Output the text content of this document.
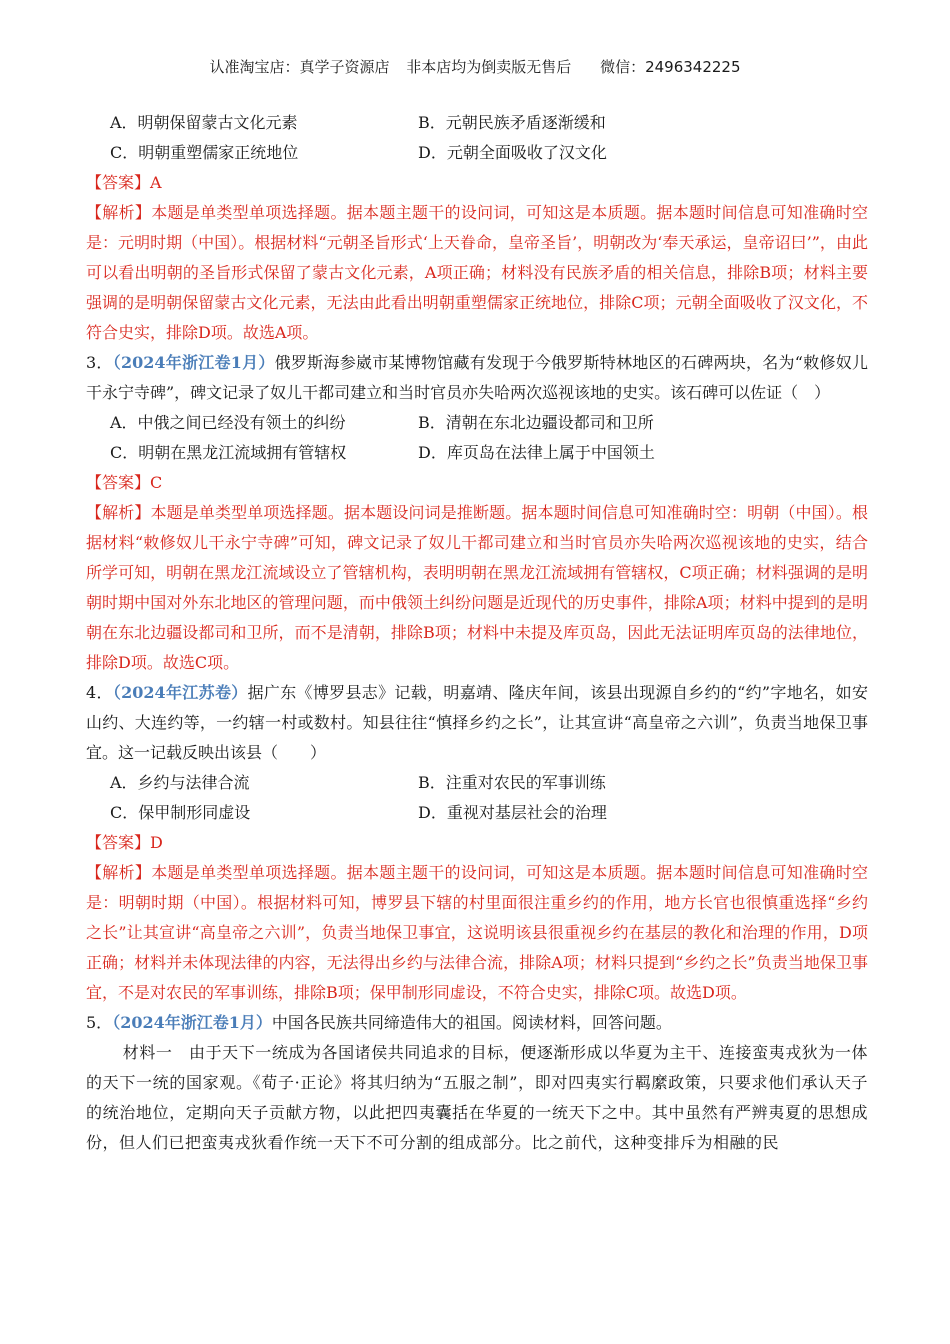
认准淘宝店：真学子资源店 非本店均为倒卖版无售后 微信：2496342225
A．明朝保留蒙古文化元素	B．元朝民族矛盾逐渐缓和
C．明朝重塑儒家正统地位	D．元朝全面吸收了汉文化
【答案】A
【解析】本题是单类型单项选择题。据本题主题干的设问词，可知这是本质题。据本题时间信息可知准确时空是：元明时期（中国）。根据材料“元朝圣旨形式‘上天眷命，皇帝圣旨’，明朝改为‘奉天承运，皇帝诏曰’”，由此可以看出明朝的圣旨形式保留了蒙古文化元素，A项正确；材料没有民族矛盾的相关信息，排除B项；材料主要强调的是明朝保留蒙古文化元素，无法由此看出明朝重塑儒家正统地位，排除C项；元朝全面吸收了汉文化，不符合史实，排除D项。故选A项。
3．（2024年浙江卷1月）俄罗斯海参崴市某博物馆藏有发现于今俄罗斯特林地区的石碑两块，名为“敕修奴儿干永宁寺碑”，碑文记录了奴儿干都司建立和当时官员亦失哈两次巡视该地的史实。该石碑可以佐证（　）
A．中俄之间已经没有领土的纠纷	B．清朝在东北边疆设都司和卫所
C．明朝在黑龙江流域拥有管辖权	D．库页岛在法律上属于中国领土
【答案】C
【解析】本题是单类型单项选择题。据本题设问词是推断题。据本题时间信息可知准确时空：明朝（中国）。根据材料“敕修奴儿干永宁寺碑”可知，碑文记录了奴儿干都司建立和当时官员亦失哈两次巡视该地的史实，结合所学可知，明朝在黑龙江流域设立了管辖机构，表明明朝在黑龙江流域拥有管辖权，C项正确；材料强调的是明朝时期中国对外东北地区的管理问题，而中俄领土纠纷问题是近现代的历史事件，排除A项；材料中提到的是明朝在东北边疆设都司和卫所，而不是清朝，排除B项；材料中未提及库页岛，因此无法证明库页岛的法律地位，排除D项。故选C项。
4．（2024年江苏卷）据广东《博罗县志》记载，明嘉靖、隆庆年间，该县出现源自乡约的“约”字地名，如安山约、大连约等，一约辖一村或数村。知县往往“慎择乡约之长”，让其宣讲“高皇帝之六训”，负责当地保卫事宜。这一记载反映出该县（　　）
A．乡约与法律合流	B．注重对农民的军事训练
C．保甲制形同虚设	D．重视对基层社会的治理
【答案】D
【解析】本题是单类型单项选择题。据本题主题干的设问词，可知这是本质题。据本题时间信息可知准确时空是：明朝时期（中国）。根据材料可知，博罗县下辖的村里面很注重乡约的作用，地方长官也很慎重选择“乡约之长”让其宣讲“高皇帝之六训”，负责当地保卫事宜，这说明该县很重视乡约在基层的教化和治理的作用，D项正确；材料并未体现法律的内容，无法得出乡约与法律合流，排除A项；材料只提到“乡约之长”负责当地保卫事宜，不是对农民的军事训练，排除B项；保甲制形同虚设，不符合史实，排除C项。故选D项。
5．（2024年浙江卷1月）中国各民族共同缔造伟大的祖国。阅读材料，回答问题。
材料一　由于天下一统成为各国诸侯共同追求的目标，便逐渐形成以华夏为主干、连接蛮夷戎狄为一体的天下一统的国家观。《荀子·正论》将其归纳为“五服之制”，即对四夷实行羁縻政策，只要求他们承认天子的统治地位，定期向天子贡献方物，以此把四夷囊括在华夏的一统天下之中。其中虽然有严辨夷夏的思想成份，但人们已把蛮夷戎狄看作统一天下不可分割的组成部分。比之前代，这种变排斥为相融的民
